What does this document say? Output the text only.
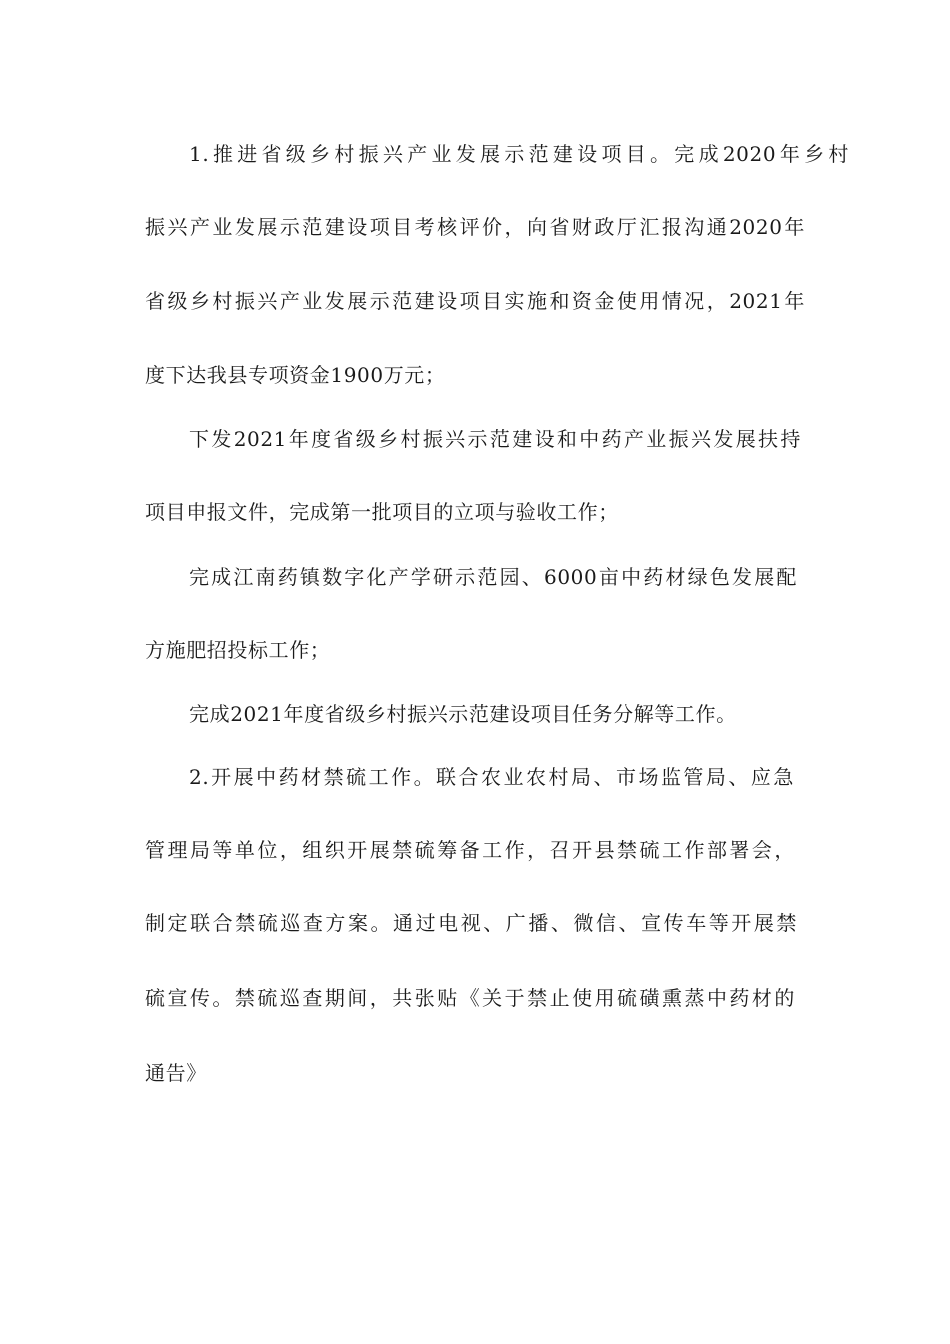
1.推进省级乡村振兴产业发展示范建设项目。完成2020年乡村
振兴产业发展示范建设项目考核评价，向省财政厅汇报沟通2020年
省级乡村振兴产业发展示范建设项目实施和资金使用情况，2021年
度下达我县专项资金1900万元；
下发2021年度省级乡村振兴示范建设和中药产业振兴发展扶持
项目申报文件，完成第一批项目的立项与验收工作；
完成江南药镇数字化产学研示范园、6000亩中药材绿色发展配
方施肥招投标工作；
完成2021年度省级乡村振兴示范建设项目任务分解等工作。
2.开展中药材禁硫工作。联合农业农村局、市场监管局、应急
管理局等单位，组织开展禁硫筹备工作，召开县禁硫工作部署会，
制定联合禁硫巡查方案。通过电视、广播、微信、宣传车等开展禁
硫宣传。禁硫巡查期间，共张贴《关于禁止使用硫磺熏蒸中药材的
通告》
